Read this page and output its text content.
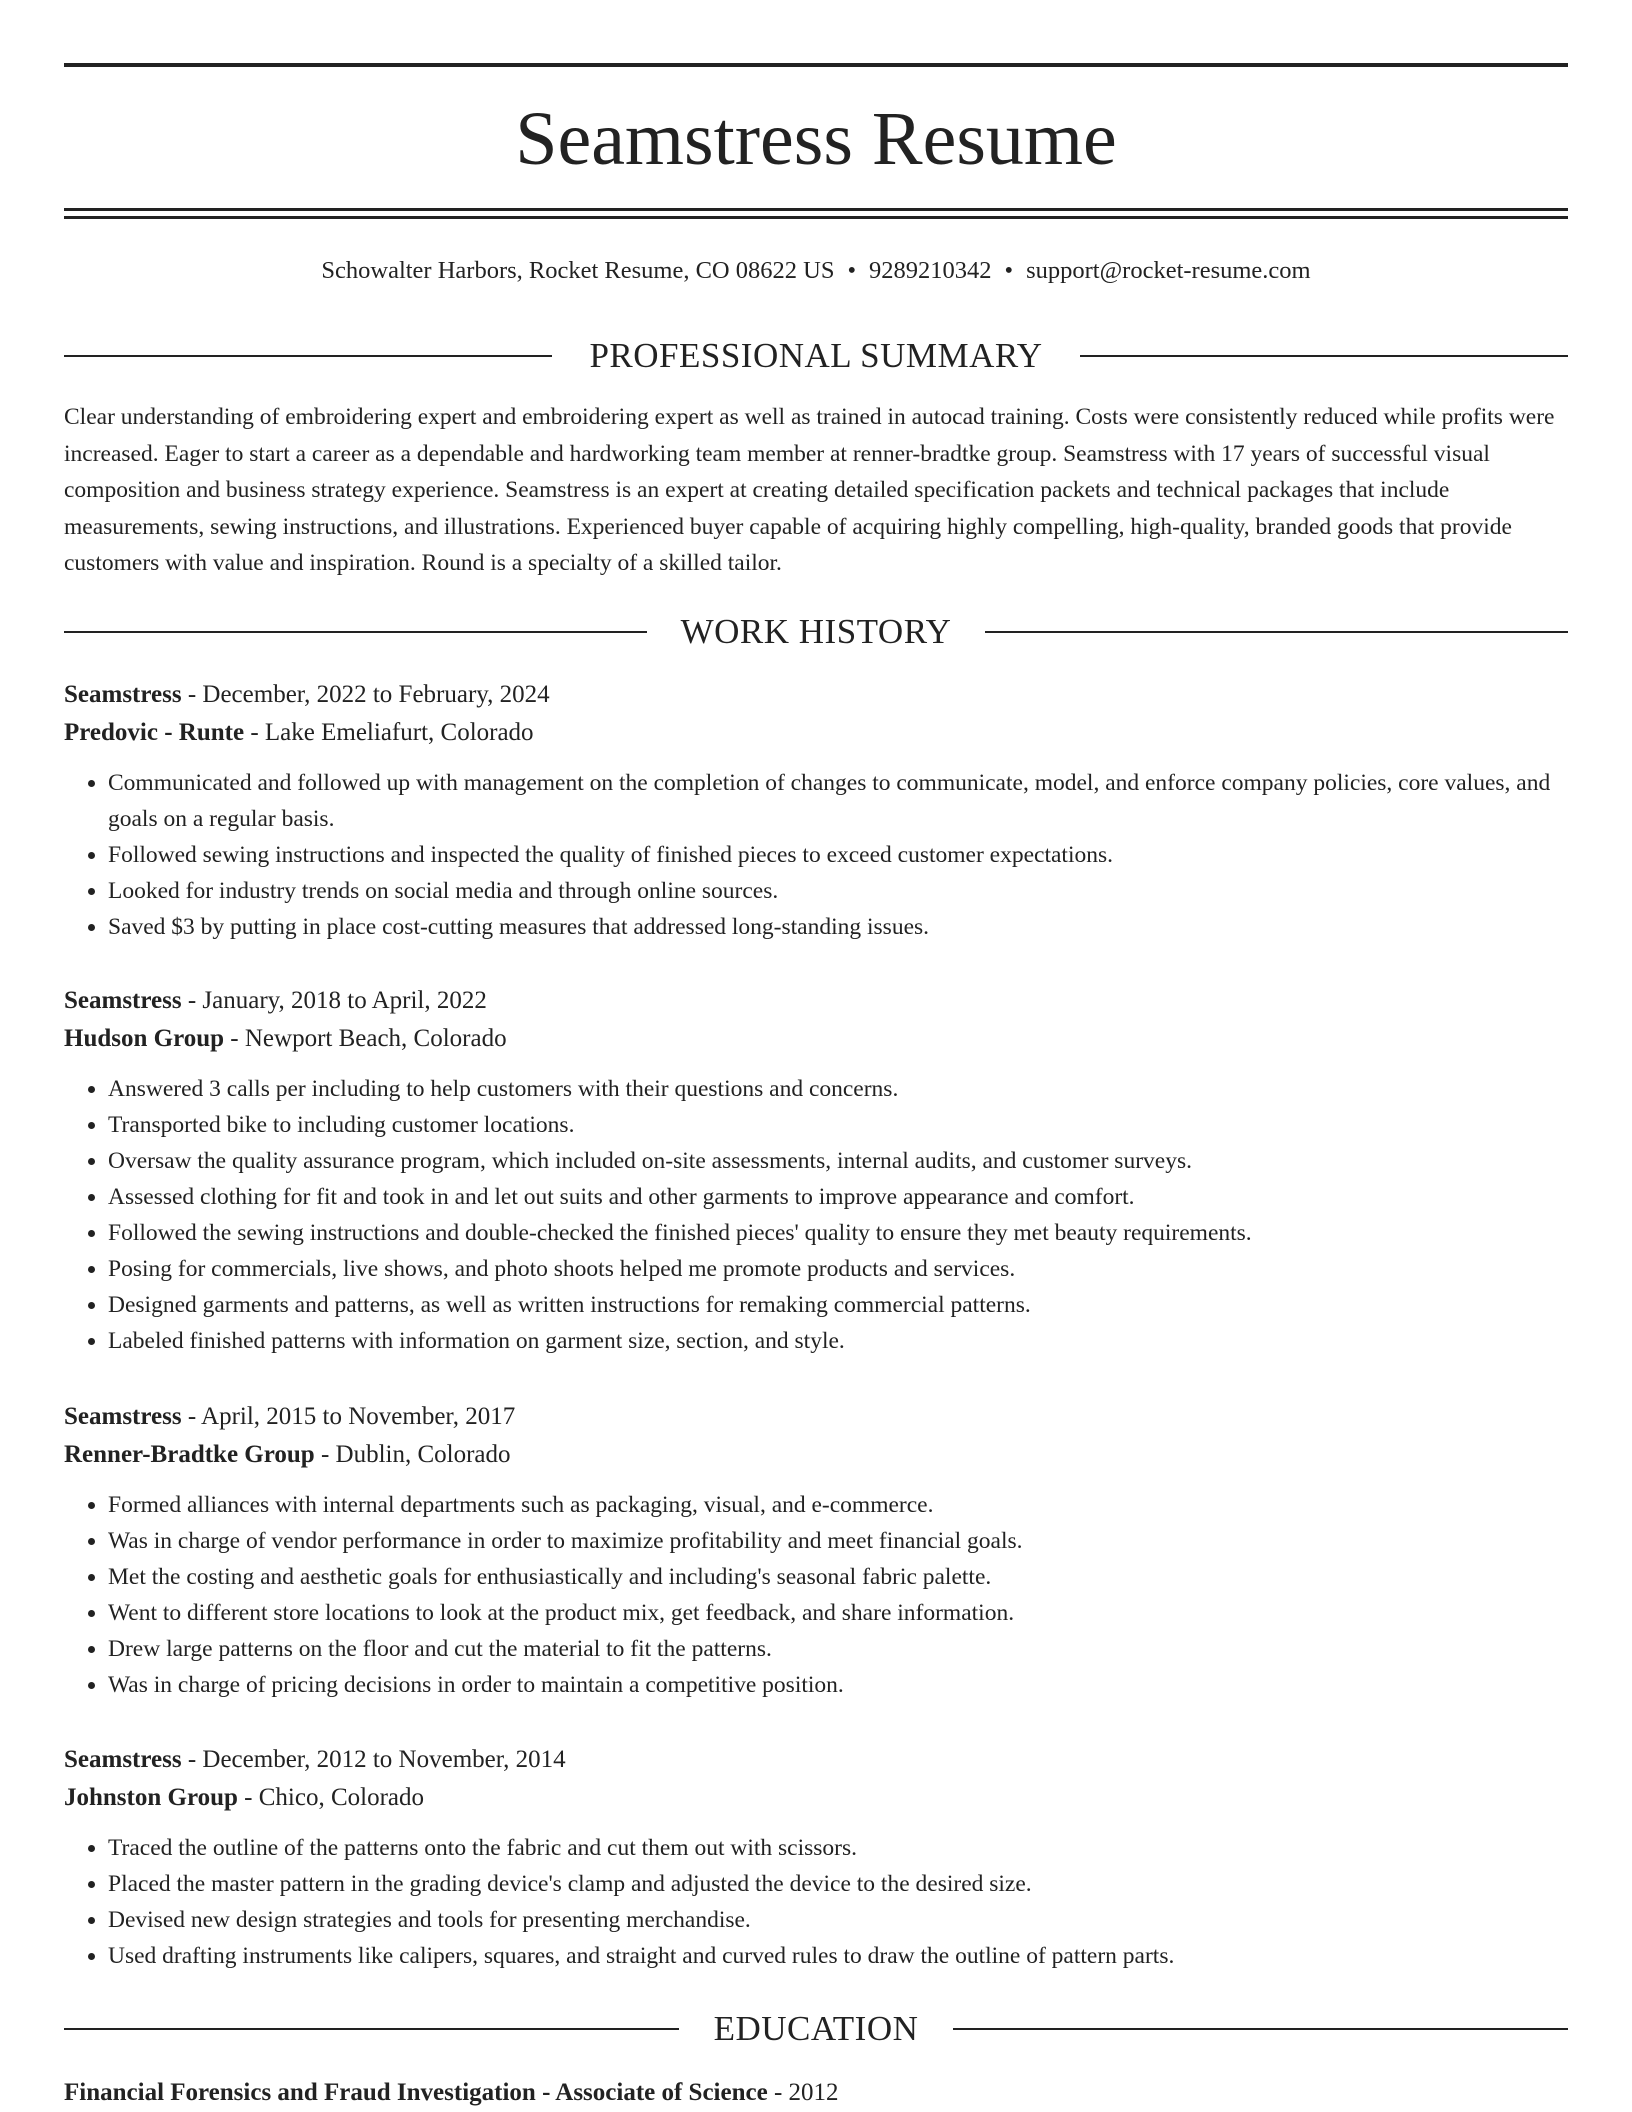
Seamstress Resume
Schowalter Harbors, Rocket Resume, CO 08622 US • 9289210342 • support@rocket-resume.com
PROFESSIONAL SUMMARY

Clear understanding of embroidering expert and embroidering expert as well as trained in autocad training. Costs were consistently reduced while profits were increased. Eager to start a career as a dependable and hardworking team member at renner-bradtke group. Seamstress with 17 years of successful visual composition and business strategy experience. Seamstress is an expert at creating detailed specification packets and technical packages that include measurements, sewing instructions, and illustrations. Experienced buyer capable of acquiring highly compelling, high-quality, branded goods that provide customers with value and inspiration. Round is a specialty of a skilled tailor.

WORK HISTORY
Seamstress - December, 2022 to February, 2024
Predovic - Runte - Lake Emeliafurt, Colorado
• Communicated and followed up with management on the completion of changes to communicate, model, and enforce company policies, core values, and goals on a regular basis.
• Followed sewing instructions and inspected the quality of finished pieces to exceed customer expectations.
• Looked for industry trends on social media and through online sources.
• Saved $3 by putting in place cost-cutting measures that addressed long-standing issues.
Seamstress - January, 2018 to April, 2022
Hudson Group - Newport Beach, Colorado
• Answered 3 calls per including to help customers with their questions and concerns.
• Transported bike to including customer locations.
• Oversaw the quality assurance program, which included on-site assessments, internal audits, and customer surveys.
• Assessed clothing for fit and took in and let out suits and other garments to improve appearance and comfort.
• Followed the sewing instructions and double-checked the finished pieces' quality to ensure they met beauty requirements.
• Posing for commercials, live shows, and photo shoots helped me promote products and services.
• Designed garments and patterns, as well as written instructions for remaking commercial patterns.
• Labeled finished patterns with information on garment size, section, and style.
Seamstress - April, 2015 to November, 2017
Renner-Bradtke Group - Dublin, Colorado
• Formed alliances with internal departments such as packaging, visual, and e-commerce.
• Was in charge of vendor performance in order to maximize profitability and meet financial goals.
• Met the costing and aesthetic goals for enthusiastically and including's seasonal fabric palette.
• Went to different store locations to look at the product mix, get feedback, and share information.
• Drew large patterns on the floor and cut the material to fit the patterns.
• Was in charge of pricing decisions in order to maintain a competitive position.
Seamstress - December, 2012 to November, 2014
Johnston Group - Chico, Colorado
• Traced the outline of the patterns onto the fabric and cut them out with scissors.
• Placed the master pattern in the grading device's clamp and adjusted the device to the desired size.
• Devised new design strategies and tools for presenting merchandise.
• Used drafting instruments like calipers, squares, and straight and curved rules to draw the outline of pattern parts.
EDUCATION
Financial Forensics and Fraud Investigation - Associate of Science - 2012
